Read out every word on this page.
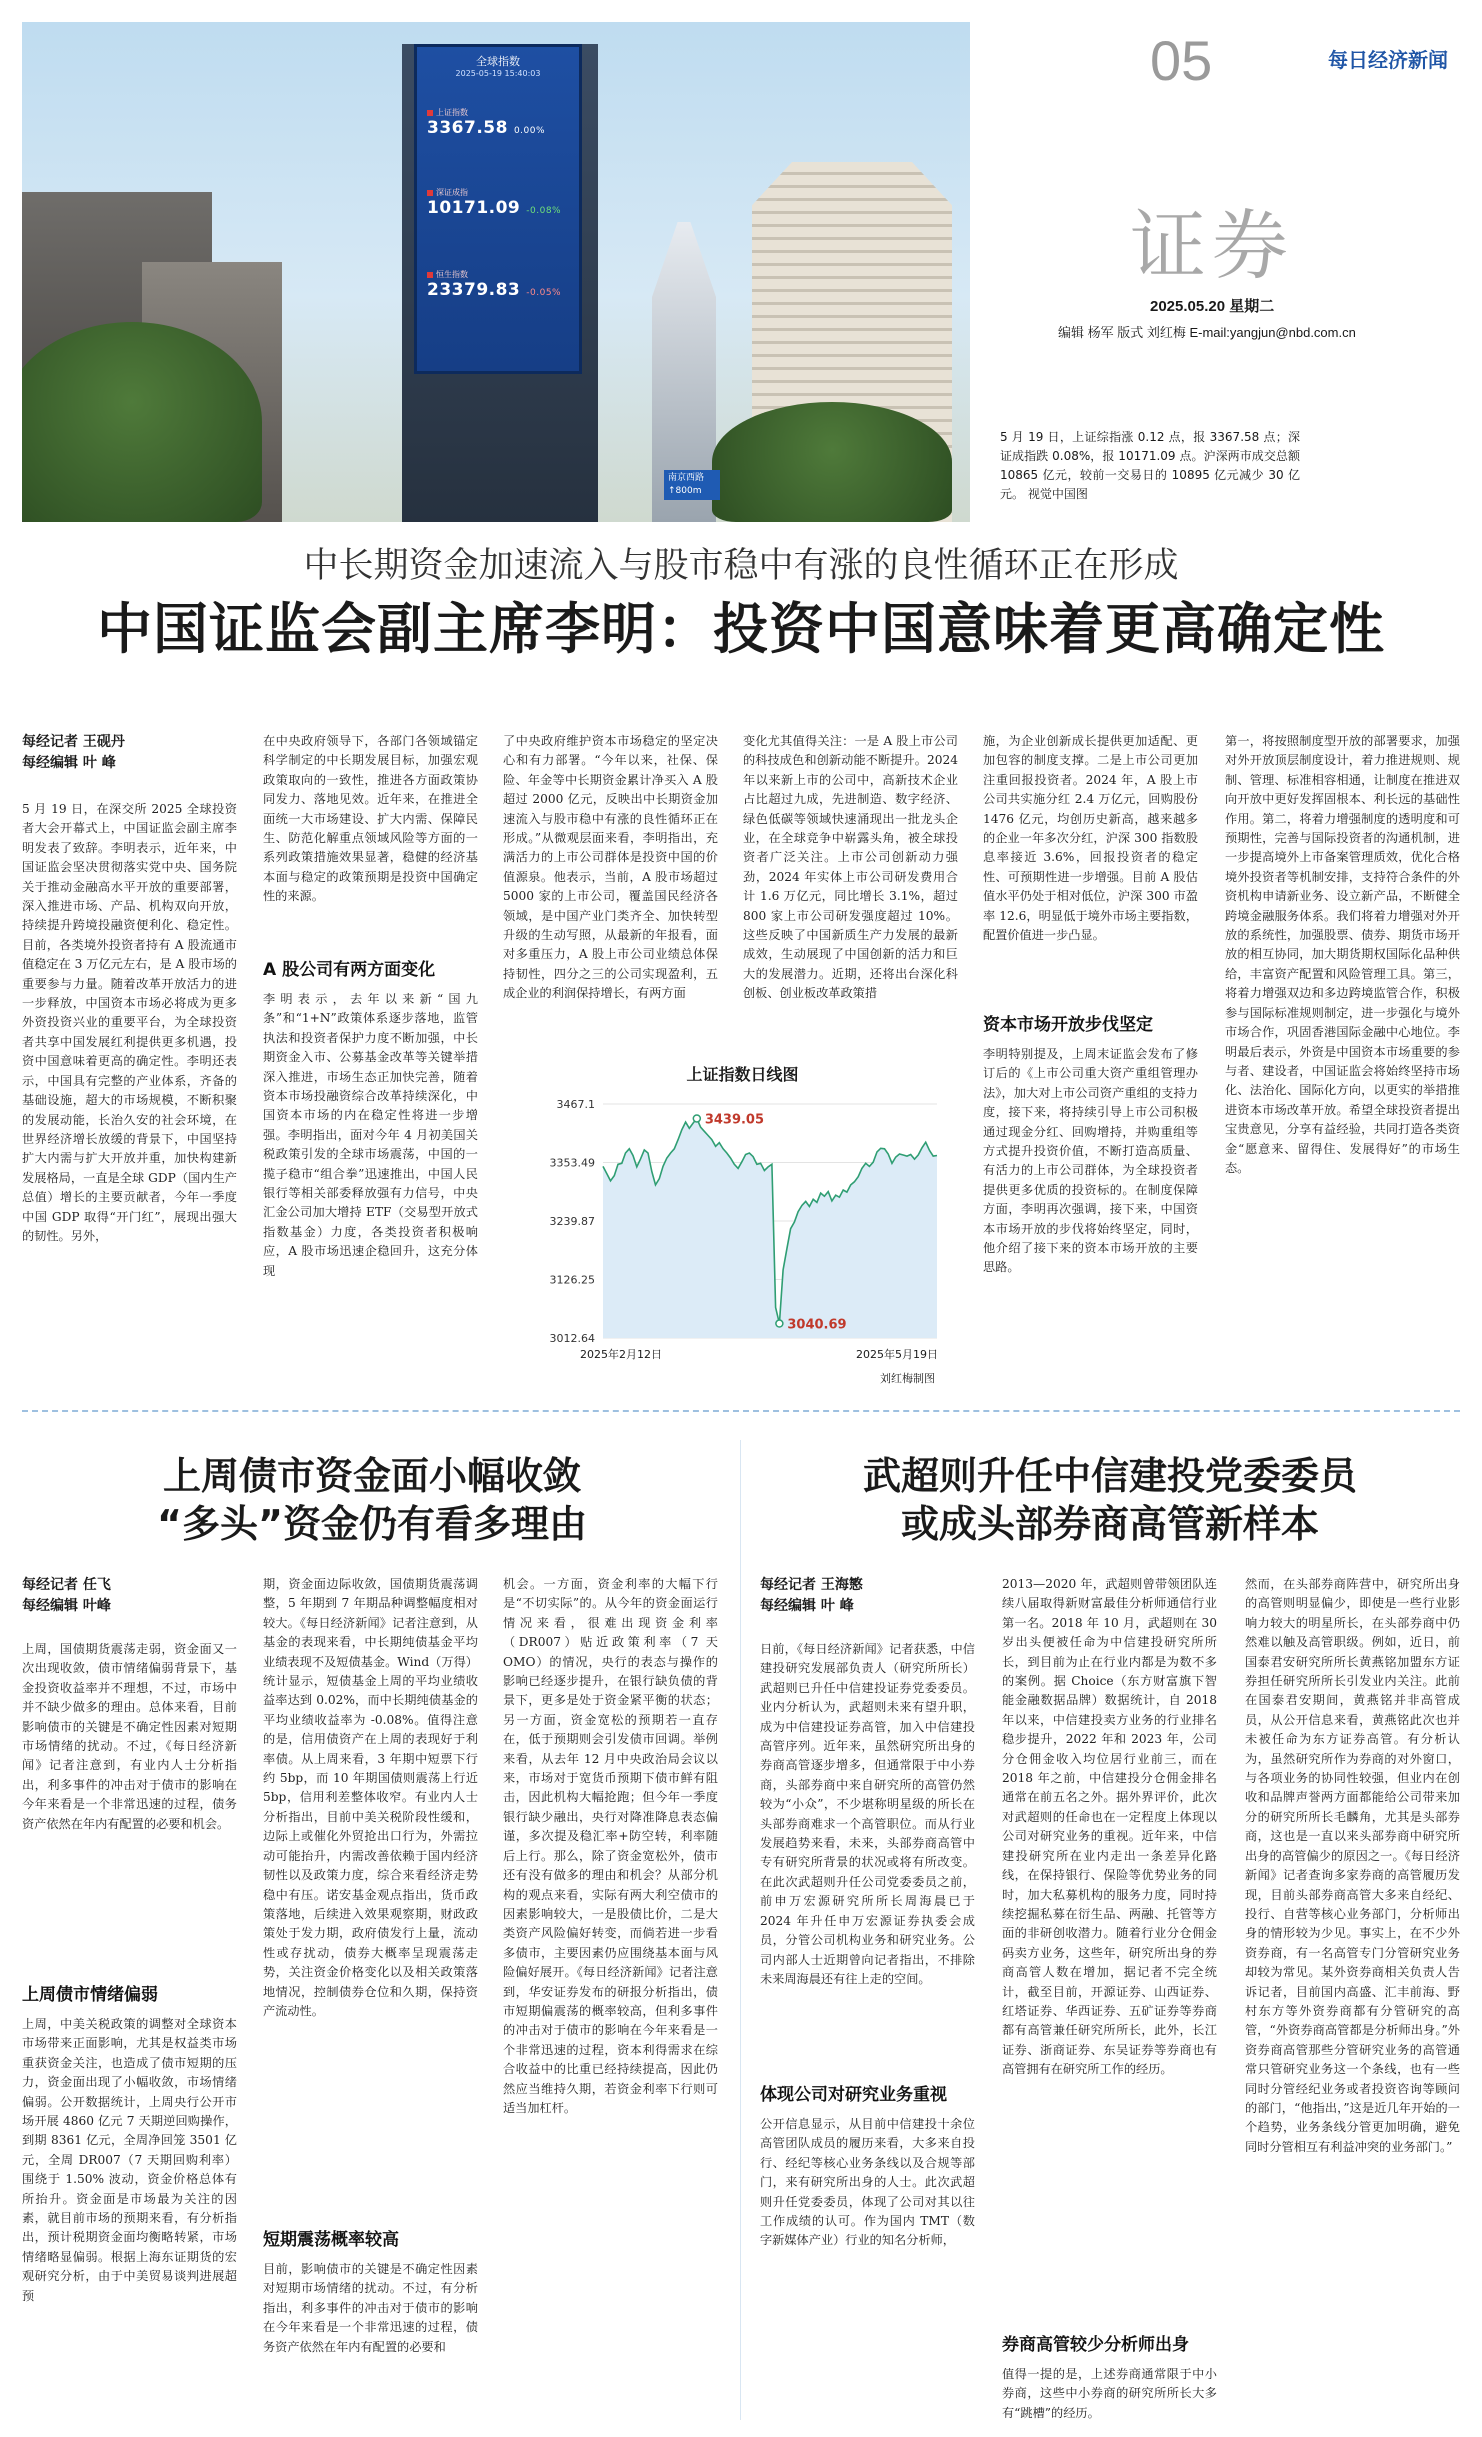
全球指数
2025-05-19 15:40:03
上证指数
3367.58 0.00%
深证成指
10171.09 -0.08%
恒生指数
23379.83 -0.05%
南京西路 ↑800m
05	每日经济新闻
证券
2025.05.20 星期二
编辑 杨军 版式 刘红梅 E-mail:yangjun@nbd.com.cn
5 月 19 日，上证综指涨 0.12 点，报 3367.58 点；深证成指跌 0.08%，报 10171.09 点。沪深两市成交总额 10865 亿元，较前一交易日的 10895 亿元减少 30 亿元。 视觉中国图
中长期资金加速流入与股市稳中有涨的良性循环正在形成
中国证监会副主席李明：投资中国意味着更高确定性
每经记者 王砚丹
每经编辑 叶 峰
5 月 19 日，在深交所 2025 全球投资者大会开幕式上，中国证监会副主席李明发表了致辞。李明表示，近年来，中国证监会坚决贯彻落实党中央、国务院关于推动金融高水平开放的重要部署，深入推进市场、产品、机构双向开放，持续提升跨境投融资便利化、稳定性。目前，各类境外投资者持有 A 股流通市值稳定在 3 万亿元左右，是 A 股市场的重要参与力量。随着改革开放活力的进一步释放，中国资本市场必将成为更多外资投资兴业的重要平台，为全球投资者共享中国发展红利提供更多机遇，投资中国意味着更高的确定性。李明还表示，中国具有完整的产业体系，齐备的基础设施，超大的市场规模，不断积聚的发展动能，长治久安的社会环境，在世界经济增长放缓的背景下，中国坚持扩大内需与扩大开放并重，加快构建新发展格局，一直是全球 GDP（国内生产总值）增长的主要贡献者，今年一季度中国 GDP 取得“开门红”，展现出强大的韧性。另外，
在中央政府领导下，各部门各领域锚定科学制定的中长期发展目标，加强宏观政策取向的一致性，推进各方面政策协同发力、落地见效。近年来，在推进全面统一大市场建设、扩大内需、保障民生、防范化解重点领域风险等方面的一系列政策措施效果显著，稳健的经济基本面与稳定的政策预期是投资中国确定性的来源。
A 股公司有两方面变化
李明表示，去年以来新“国九条”和“1+N”政策体系逐步落地，监管执法和投资者保护力度不断加强，中长期资金入市、公募基金改革等关键举措深入推进，市场生态正加快完善，随着资本市场投融资综合改革持续深化，中国资本市场的内在稳定性将进一步增强。李明指出，面对今年 4 月初美国关税政策引发的全球市场震荡，中国的一揽子稳市“组合拳”迅速推出，中国人民银行等相关部委释放强有力信号，中央汇金公司加大增持 ETF（交易型开放式指数基金）力度，各类投资者积极响应，A 股市场迅速企稳回升，这充分体现
了中央政府维护资本市场稳定的坚定决心和有力部署。“今年以来，社保、保险、年金等中长期资金累计净买入 A 股超过 2000 亿元，反映出中长期资金加速流入与股市稳中有涨的良性循环正在形成。”从微观层面来看，李明指出，充满活力的上市公司群体是投资中国的价值源泉。他表示，当前，A 股市场超过 5000 家的上市公司，覆盖国民经济各领域，是中国产业门类齐全、加快转型升级的生动写照，从最新的年报看，面对多重压力，A 股上市公司业绩总体保持韧性，四分之三的公司实现盈利，五成企业的利润保持增长，有两方面
变化尤其值得关注：一是 A 股上市公司的科技成色和创新动能不断提升。2024 年以来新上市的公司中，高新技术企业占比超过九成，先进制造、数字经济、绿色低碳等领域快速涌现出一批龙头企业，在全球竞争中崭露头角，被全球投资者广泛关注。上市公司创新动力强劲，2024 年实体上市公司研发费用合计 1.6 万亿元，同比增长 3.1%，超过 800 家上市公司研发强度超过 10%。这些反映了中国新质生产力发展的最新成效，生动展现了中国创新的活力和巨大的发展潜力。近期，还将出台深化科创板、创业板改革政策措
施，为企业创新成长提供更加适配、更加包容的制度支撑。二是上市公司更加注重回报投资者。2024 年，A 股上市公司共实施分红 2.4 万亿元，回购股份 1476 亿元，均创历史新高，越来越多的企业一年多次分红，沪深 300 指数股息率接近 3.6%，回报投资者的稳定性、可预期性进一步增强。目前 A 股估值水平仍处于相对低位，沪深 300 市盈率 12.6，明显低于境外市场主要指数，配置价值进一步凸显。
资本市场开放步伐坚定
李明特别提及，上周末证监会发布了修订后的《上市公司重大资产重组管理办法》，加大对上市公司资产重组的支持力度，接下来，将持续引导上市公司积极通过现金分红、回购增持，并购重组等方式提升投资价值，不断打造高质量、有活力的上市公司群体，为全球投资者提供更多优质的投资标的。在制度保障方面，李明再次强调，接下来，中国资本市场开放的步伐将始终坚定，同时，他介绍了接下来的资本市场开放的主要思路。
第一，将按照制度型开放的部署要求，加强对外开放顶层制度设计，着力推进规则、规制、管理、标准相容相通，让制度在推进双向开放中更好发挥固根本、利长远的基础性作用。第二，将着力增强制度的透明度和可预期性，完善与国际投资者的沟通机制，进一步提高境外上市备案管理质效，优化合格境外投资者等机制安排，支持符合条件的外资机构申请新业务、设立新产品，不断健全跨境金融服务体系。我们将着力增强对外开放的系统性，加强股票、债券、期货市场开放的相互协同，加大期货期权国际化品种供给，丰富资产配置和风险管理工具。第三，将着力增强双边和多边跨境监管合作，积极参与国际标准规则制定，进一步强化与境外市场合作，巩固香港国际金融中心地位。李明最后表示，外资是中国资本市场重要的参与者、建设者，中国证监会将始终坚持市场化、法治化、国际化方向，以更实的举措推进资本市场改革开放。希望全球投资者提出宝贵意见，分享有益经验，共同打造各类资金“愿意来、留得住、发展得好”的市场生态。
上证指数日线图
3467.1
3353.49
3239.87
3126.25
3012.64
3439.05
3040.69
2025年2月12日	2025年5月19日
刘红梅制图
上周债市资金面小幅收敛
“多头”资金仍有看多理由
每经记者 任飞
每经编辑 叶峰
上周，国债期货震荡走弱，资金面又一次出现收敛，债市情绪偏弱背景下，基金投资收益率并不理想，不过，市场中并不缺少做多的理由。总体来看，目前影响债市的关键是不确定性因素对短期市场情绪的扰动。不过，《每日经济新闻》记者注意到，有业内人士分析指出，利多事件的冲击对于债市的影响在今年来看是一个非常迅速的过程，债务资产依然在年内有配置的必要和机会。
上周债市情绪偏弱
上周，中美关税政策的调整对全球资本市场带来正面影响，尤其是权益类市场重获资金关注，也造成了债市短期的压力，资金面出现了小幅收敛，市场情绪偏弱。公开数据统计，上周央行公开市场开展 4860 亿元 7 天期逆回购操作，到期 8361 亿元，全周净回笼 3501 亿元，全周 DR007（7 天期回购利率）围绕于 1.50% 波动，资金价格总体有所抬升。资金面是市场最为关注的因素，就目前市场的预期来看，有分析指出，预计税期资金面均衡略转紧，市场情绪略显偏弱。根据上海东证期货的宏观研究分析，由于中美贸易谈判进展超预
期，资金面边际收敛，国债期货震荡调整，5 年期到 7 年期品种调整幅度相对较大。《每日经济新闻》记者注意到，从基金的表现来看，中长期纯债基金平均业绩表现不及短债基金。Wind（万得）统计显示，短债基金上周的平均业绩收益率达到 0.02%，而中长期纯债基金的平均业绩收益率为 -0.08%。值得注意的是，信用债资产在上周的表现好于利率债。从上周来看，3 年期中短票下行约 5bp，而 10 年期国债则震荡上行近 5bp，信用利差整体收窄。有业内人士分析指出，目前中美关税阶段性缓和，边际上或催化外贸抢出口行为，外需拉动可能抬升，内需改善依赖于国内经济韧性以及政策力度，综合来看经济走势稳中有压。诺安基金观点指出，货币政策落地，后续进入效果观察期，财政政策处于发力期，政府债发行上量，流动性或存扰动，债券大概率呈现震荡走势，关注资金价格变化以及相关政策落地情况，控制债券仓位和久期，保持资产流动性。
短期震荡概率较高
目前，影响债市的关键是不确定性因素对短期市场情绪的扰动。不过，有分析指出，利多事件的冲击对于债市的影响在今年来看是一个非常迅速的过程，债务资产依然在年内有配置的必要和
机会。一方面，资金利率的大幅下行是“不切实际”的。从今年的资金面运行情况来看，很难出现资金利率（DR007）贴近政策利率（7 天 OMO）的情况，央行的表态与操作的影响已经逐步提升，在银行缺负债的背景下，更多是处于资金紧平衡的状态；另一方面，资金宽松的预期若一直存在，低于预期则会引发债市回调。举例来看，从去年 12 月中央政治局会议以来，市场对于宽货币预期下债市鲜有阻击，因此机构大幅抢跑；但今年一季度银行缺少融出，央行对降准降息表态偏谨，多次提及稳汇率+防空转，利率随后上行。那么，除了资金宽松外，债市还有没有做多的理由和机会？从部分机构的观点来看，实际有两大利空债市的因素影响较大，一是股债比价，二是大类资产风险偏好转变，而倘若进一步看多债市，主要因素仍应围绕基本面与风险偏好展开。《每日经济新闻》记者注意到，华安证券发布的研报分析指出，债市短期偏震荡的概率较高，但利多事件的冲击对于债市的影响在今年来看是一个非常迅速的过程，资本利得需求在综合收益中的比重已经持续提高，因此仍然应当维持久期，若资金利率下行则可适当加杠杆。
武超则升任中信建投党委委员
或成头部券商高管新样本
每经记者 王海慜
每经编辑 叶 峰
日前，《每日经济新闻》记者获悉，中信建投研究发展部负责人（研究所所长）武超则已升任中信建投证券党委委员。业内分析认为，武超则未来有望升职，成为中信建投证券高管，加入中信建投高管序列。近年来，虽然研究所出身的券商高管逐步增多，但通常限于中小券商，头部券商中来自研究所的高管仍然较为“小众”，不少堪称明星级的所长在头部券商难求一个高管职位。而从行业发展趋势来看，未来，头部券商高管中专有研究所背景的状况或将有所改变。在此次武超则升任公司党委委员之前，前申万宏源研究所所长周海晨已于 2024 年升任申万宏源证券执委会成员，分管公司机构业务和研究业务。公司内部人士近期曾向记者指出，不排除未来周海晨还有往上走的空间。
体现公司对研究业务重视
公开信息显示，从目前中信建投十余位高管团队成员的履历来看，大多来自投行、经纪等核心业务条线以及合规等部门，来有研究所出身的人士。此次武超则升任党委委员，体现了公司对其以往工作成绩的认可。作为国内 TMT（数字新媒体产业）行业的知名分析师，
2013—2020 年，武超则曾带领团队连续八届取得新财富最佳分析师通信行业第一名。2018 年 10 月，武超则在 30 岁出头便被任命为中信建投研究所所长，到目前为止在行业内都是为数不多的案例。据 Choice（东方财富旗下智能金融数据品牌）数据统计，自 2018 年以来，中信建投卖方业务的行业排名稳步提升，2022 年和 2023 年，公司分仓佣金收入均位居行业前三，而在 2018 年之前，中信建投分仓佣金排名通常在前五名之外。据外界评价，此次对武超则的任命也在一定程度上体现以公司对研究业务的重视。近年来，中信建投研究所在业内走出一条差异化路线，在保持银行、保险等优势业务的同时，加大私募机构的服务力度，同时持续挖掘私募在衍生品、两融、托管等方面的非研创收潜力。随着行业分仓佣金码卖方业务，这些年，研究所出身的券商高管人数在增加，据记者不完全统计，截至目前，开源证券、山西证券、红塔证券、华西证券、五矿证券等券商都有高管兼任研究所所长，此外，长江证券、浙商证券、东吴证券等券商也有高管拥有在研究所工作的经历。
券商高管较少分析师出身
值得一提的是，上述券商通常限于中小券商，这些中小券商的研究所所长大多有“跳槽”的经历。
然而，在头部券商阵营中，研究所出身的高管则明显偏少，即使是一些行业影响力较大的明星所长，在头部券商中仍然难以触及高管职级。例如，近日，前国泰君安研究所所长黄燕铭加盟东方证券担任研究所所长引发业内关注。此前在国泰君安期间，黄燕铭并非高管成员，从公开信息来看，黄燕铭此次也并未被任命为东方证券高管。有分析认为，虽然研究所作为券商的对外窗口，与各项业务的协同性较强，但业内在创收和品牌声誉两方面都能给公司带来加分的研究所所长毛麟角，尤其是头部券商，这也是一直以来头部券商中研究所出身的高管偏少的原因之一。《每日经济新闻》记者查询多家券商的高管履历发现，目前头部券商高管大多来自经纪、投行、自营等核心业务部门，分析师出身的情形较为少见。事实上，在不少外资券商，有一名高管专门分管研究业务却较为常见。某外资券商相关负责人告诉记者，目前国内高盛、汇丰前海、野村东方等外资券商都有分管研究的高管，“外资券商高管都是分析师出身。”外资券商高管那些分管研究业务的高管通常只管研究业务这一个条线，也有一些同时分管经纪业务或者投资咨询等顾问的部门，“他指出，”这是近几年开始的一个趋势，业务条线分管更加明确，避免同时分管相互有利益冲突的业务部门。”
